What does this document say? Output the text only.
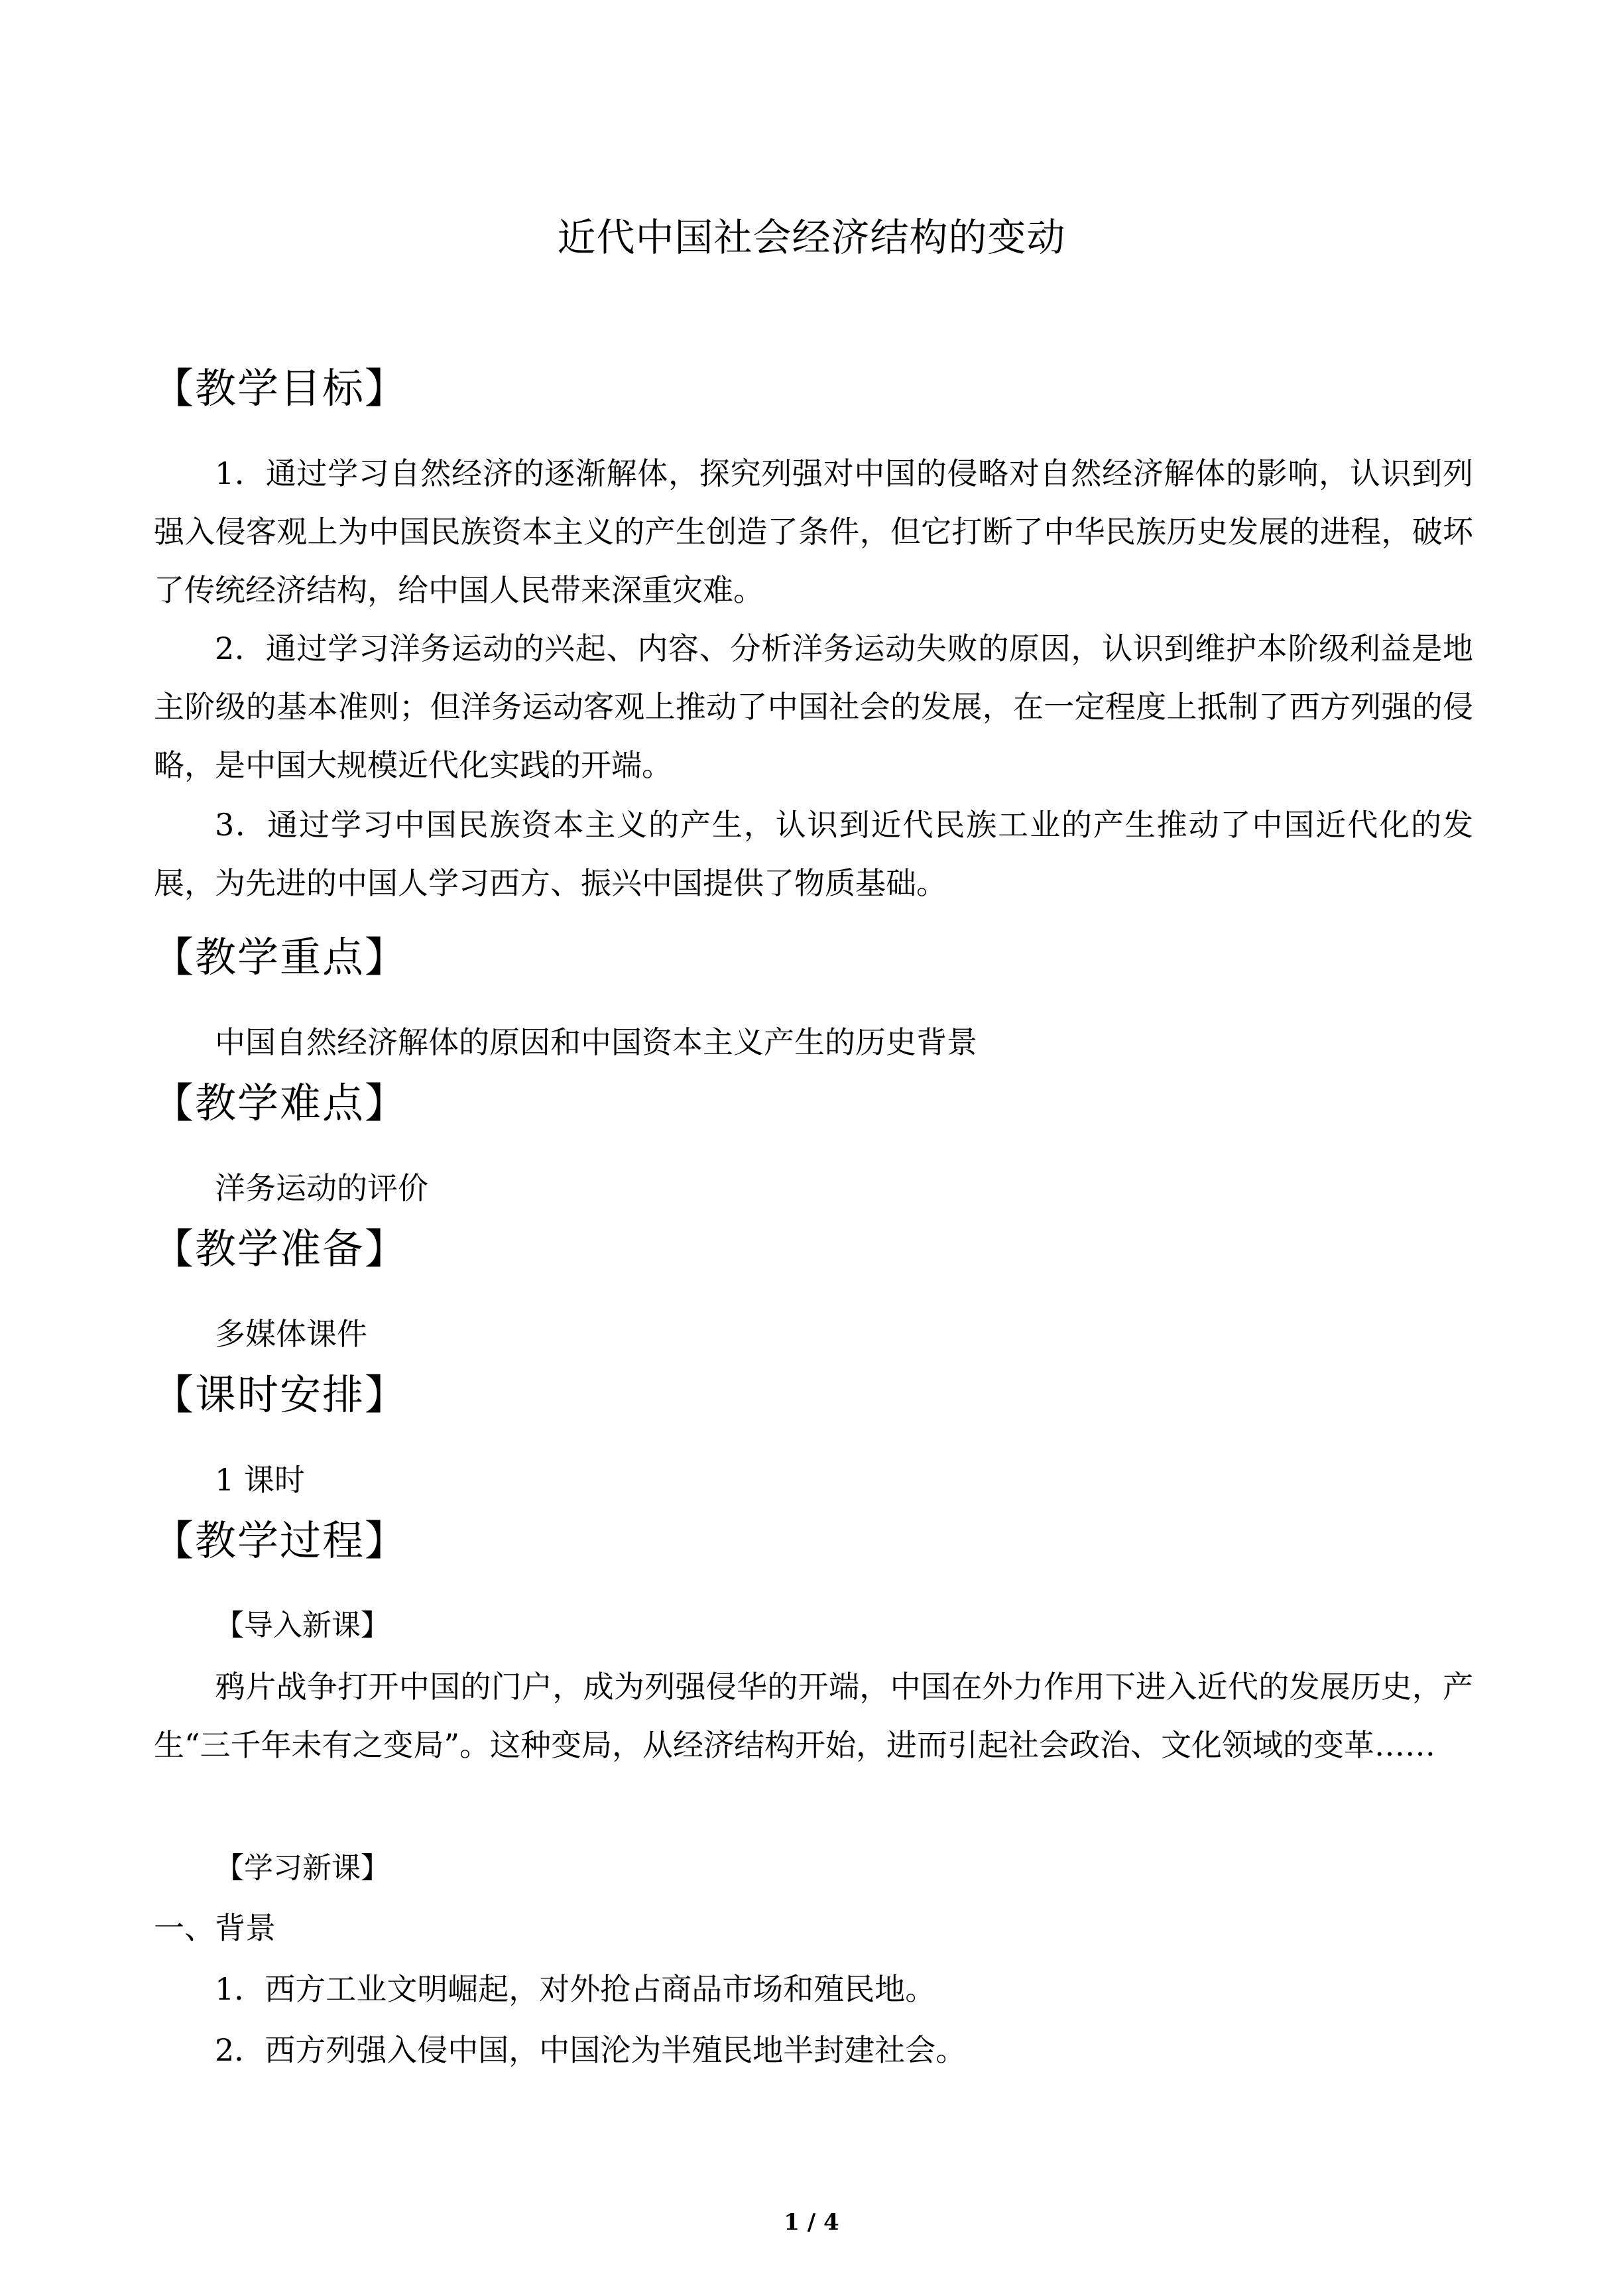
近代中国社会经济结构的变动
【教学目标】
1．通过学习自然经济的逐渐解体，探究列强对中国的侵略对自然经济解体的影响，认识到列强入侵客观上为中国民族资本主义的产生创造了条件，但它打断了中华民族历史发展的进程，破坏了传统经济结构，给中国人民带来深重灾难。
2．通过学习洋务运动的兴起、内容、分析洋务运动失败的原因，认识到维护本阶级利益是地主阶级的基本准则；但洋务运动客观上推动了中国社会的发展，在一定程度上抵制了西方列强的侵略，是中国大规模近代化实践的开端。
3．通过学习中国民族资本主义的产生，认识到近代民族工业的产生推动了中国近代化的发展，为先进的中国人学习西方、振兴中国提供了物质基础。
【教学重点】
中国自然经济解体的原因和中国资本主义产生的历史背景
【教学难点】
洋务运动的评价
【教学准备】
多媒体课件
【课时安排】
1 课时
【教学过程】
【导入新课】
鸦片战争打开中国的门户，成为列强侵华的开端，中国在外力作用下进入近代的发展历史，产生“三千年未有之变局”。这种变局，从经济结构开始，进而引起社会政治、文化领域的变革……
【学习新课】
一、背景
1．西方工业文明崛起，对外抢占商品市场和殖民地。
2．西方列强入侵中国，中国沦为半殖民地半封建社会。
1 / 4
